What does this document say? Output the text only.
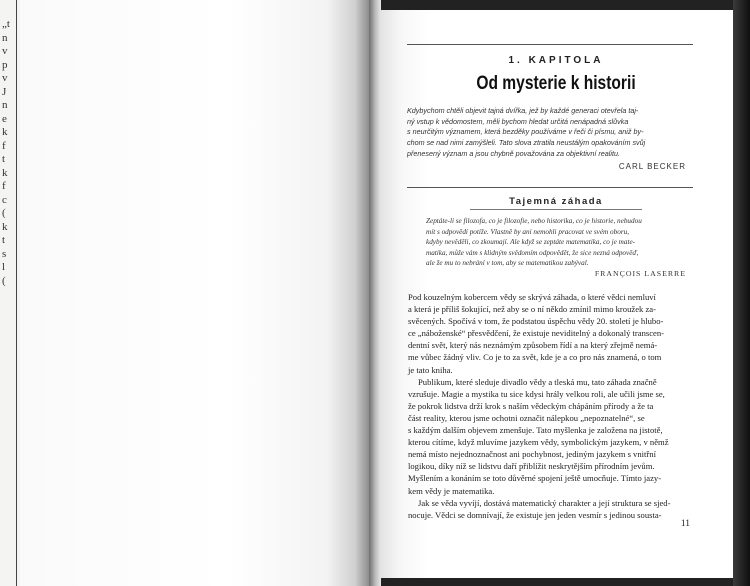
„t
n
v
p
v
J
n
e
k
f
t
k
f
c
(
k
t
s
l
(

1. KAPITOLA

Od mysterie k historii
Kdybychom chtěli objevit tajná dvířka, jež by každé generaci otevřela taj-
ný vstup k vědomostem, měli bychom hledat určitá nenápadná slůvka
s neurčitým významem, která bezděky používáme v řeči či písmu, aniž by-
chom se nad nimi zamýšleli. Tato slova ztratila neustálým opakováním svůj
přenesený význam a jsou chybně považována za objektivní realitu.

CARL BECKER

Tajemná záhada
Zeptáte-li se filozofa, co je filozofie, nebo historika, co je historie, nebudou
mít s odpovědí potíže. Vlastně by ani nemohli pracovat ve svém oboru,
kdyby nevěděli, co zkoumají. Ale když se zeptáte matematika, co je mate-
matika, může vám s klidným svědomím odpovědět, že sice nezná odpověď,
ale že mu to nebrání v tom, aby se matematikou zabýval.

FRANÇOIS LASERRE

Pod kouzelným kobercem vědy se skrývá záhada, o které vědci nemluví
a která je příliš šokující, než aby se o ní někdo zmínil mimo kroužek za-
svěcených. Spočívá v tom, že podstatou úspěchu vědy 20. století je hlubo-
ce „náboženské“ přesvědčení, že existuje neviditelný a dokonalý transcen-
dentní svět, který nás neznámým způsobem řídí a na který zřejmě nemá-
me vůbec žádný vliv. Co je to za svět, kde je a co pro nás znamená, o tom
je tato kniha.
Publikum, které sleduje divadlo vědy a tleská mu, tato záhada značně
vzrušuje. Magie a mystika tu sice kdysi hrály velkou roli, ale učili jsme se,
že pokrok lidstva drží krok s naším vědeckým chápáním přírody a že ta
část reality, kterou jsme ochotni označit nálepkou „nepoznatelné“, se
s každým dalším objevem zmenšuje. Tato myšlenka je založena na jistotě,
kterou cítíme, když mluvíme jazykem vědy, symbolickým jazykem, v němž
nemá místo nejednoznačnost ani pochybnost, jediným jazykem s vnitřní
logikou, díky níž se lidstvu daří přiblížit neskrytějším přírodním jevům.
Myšlením a konáním se toto důvěrné spojení ještě umocňuje. Tímto jazy-
kem vědy je matematika.
Jak se věda vyvíjí, dostává matematický charakter a její struktura se sjed-
nocuje. Vědci se domnívají, že existuje jen jeden vesmír s jedinou sousta-

11
